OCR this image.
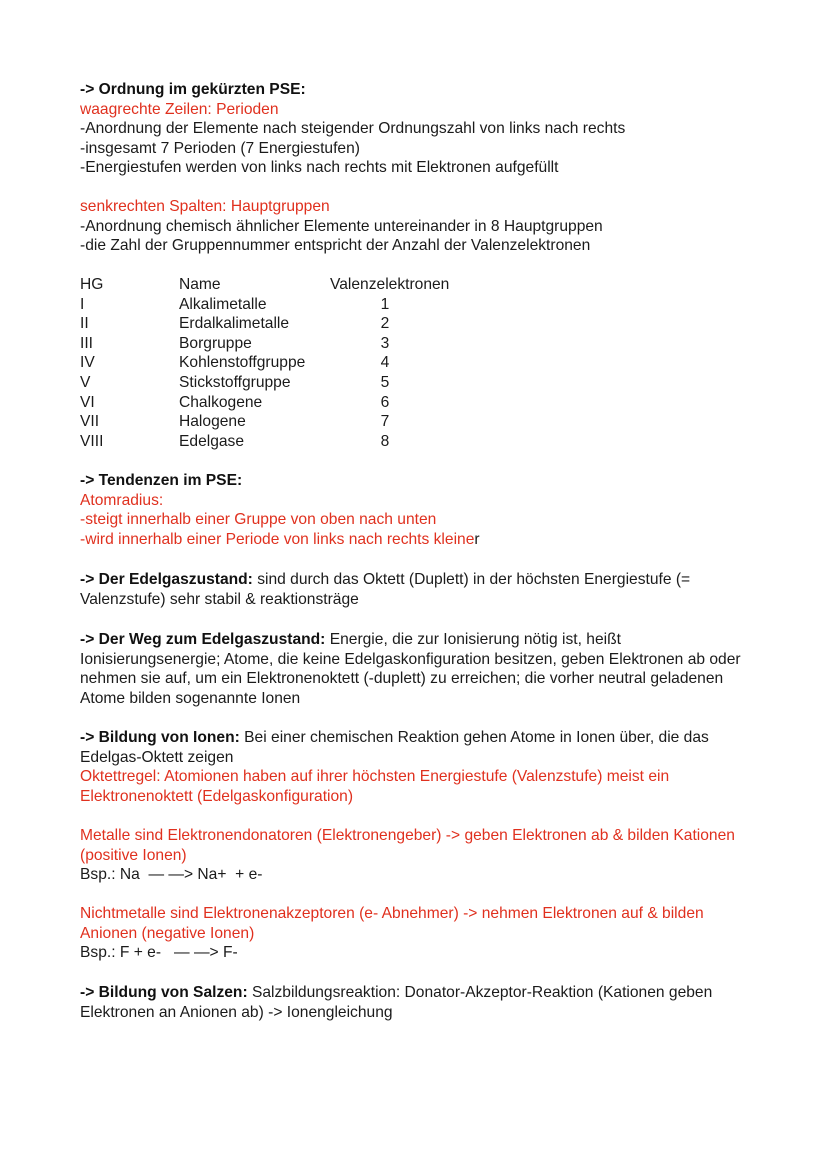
-> Ordnung im gekürzten PSE:
waagrechte Zeilen: Perioden
-Anordnung der Elemente nach steigender Ordnungszahl von links nach rechts
-insgesamt 7 Perioden (7 Energiestufen)
-Energiestufen werden von links nach rechts mit Elektronen aufgefüllt
senkrechten Spalten: Hauptgruppen
-Anordnung chemisch ähnlicher Elemente untereinander in 8 Hauptgruppen
-die Zahl der Gruppennummer entspricht der Anzahl der Valenzelektronen
HG	Name	Valenzelektronen
I	Alkalimetalle	1
II	Erdalkalimetalle	2
III	Borgruppe	3
IV	Kohlenstoffgruppe	4
V	Stickstoffgruppe	5
VI	Chalkogene	6
VII	Halogene	7
VIII	Edelgase	8
-> Tendenzen im PSE:
Atomradius:
-steigt innerhalb einer Gruppe von oben nach unten
-wird innerhalb einer Periode von links nach rechts kleiner
-> Der Edelgaszustand: sind durch das Oktett (Duplett) in der höchsten Energiestufe (= Valenzstufe) sehr stabil & reaktionsträge
-> Der Weg zum Edelgaszustand: Energie, die zur Ionisierung nötig ist, heißt Ionisierungsenergie; Atome, die keine Edelgaskonfiguration besitzen, geben Elektronen ab oder nehmen sie auf, um ein Elektronenoktett (-duplett) zu erreichen; die vorher neutral geladenen Atome bilden sogenannte Ionen
-> Bildung von Ionen: Bei einer chemischen Reaktion gehen Atome in Ionen über, die das Edelgas-Oktett zeigen
Oktettregel: Atomionen haben auf ihrer höchsten Energiestufe (Valenzstufe) meist ein Elektronenoktett (Edelgaskonfiguration)
Metalle sind Elektronendonatoren (Elektronengeber) -> geben Elektronen ab & bilden Kationen (positive Ionen)
Bsp.: Na  — —> Na+  + e-
Nichtmetalle sind Elektronenakzeptoren (e- Abnehmer) -> nehmen Elektronen auf & bilden Anionen (negative Ionen)
Bsp.: F + e-   — —> F-
-> Bildung von Salzen: Salzbildungsreaktion: Donator-Akzeptor-Reaktion (Kationen geben Elektronen an Anionen ab) -> Ionengleichung
